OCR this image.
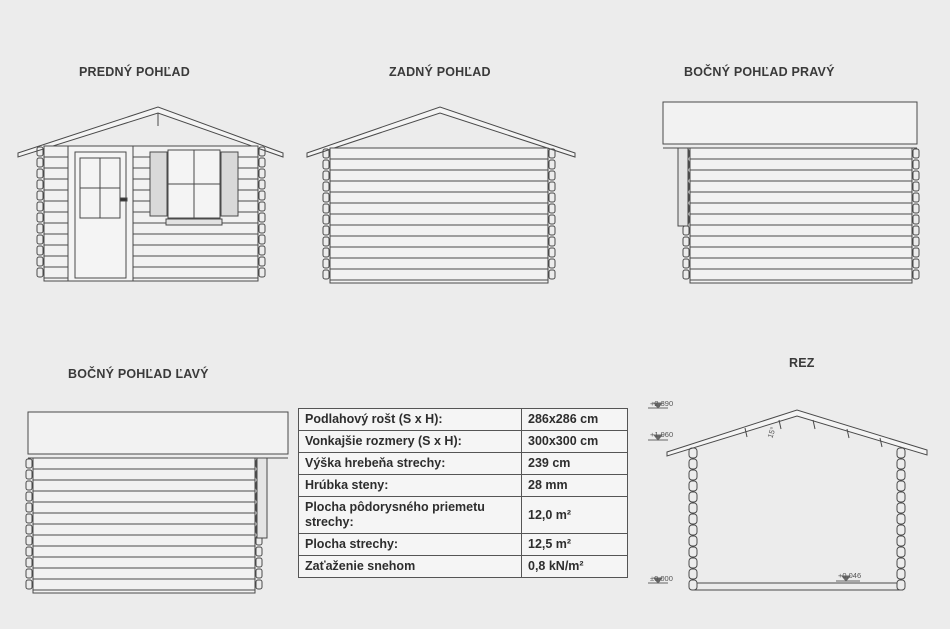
PREDNÝ POHĽAD	ZADNÝ POHĽAD	BOČNÝ POHĽAD PRAVÝ
BOČNÝ POHĽAD ĽAVÝ
REZ
+2,390
+1,960
±0,000	+0,046
15°
Podlahový rošt (S x H):	286x286 cm
Vonkajšie rozmery (S x H):	300x300 cm
Výška hrebeňa strechy:	239 cm
Hrúbka steny:	28 mm
Plocha pôdorysného priemetu strechy:	12,0 m²
Plocha strechy:	12,5 m²
Zaťaženie snehom	0,8 kN/m²
